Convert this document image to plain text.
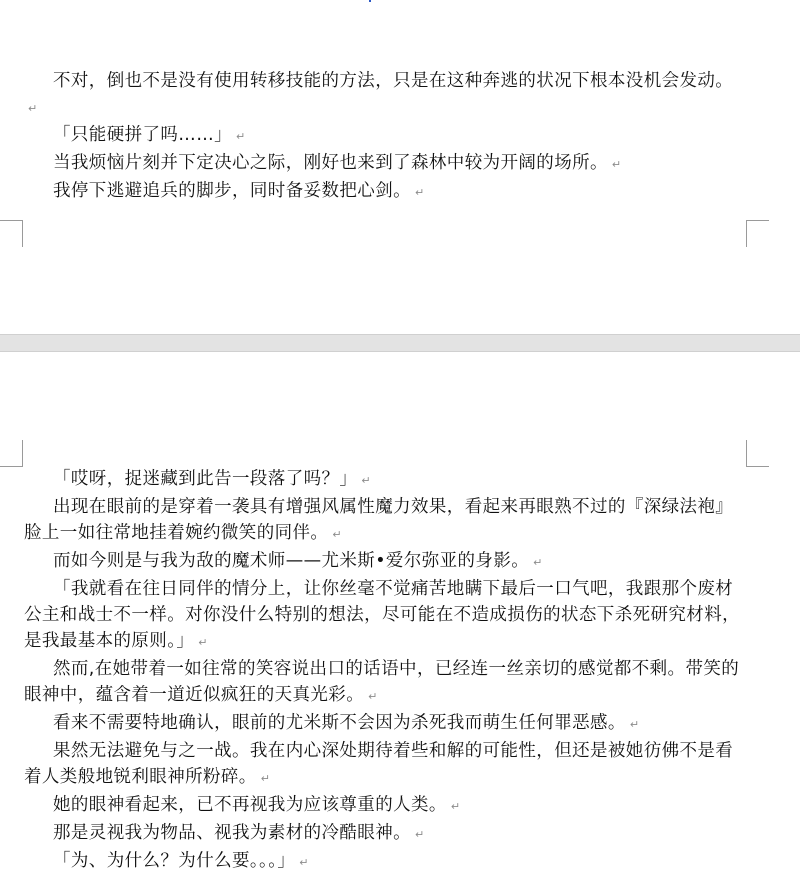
不对，倒也不是没有使用转移技能的方法，只是在这种奔逃的状况下根本没机会发动。↵

「只能硬拼了吗……」 ↵

当我烦恼片刻并下定决心之际，刚好也来到了森林中较为开阔的场所。 ↵

我停下逃避追兵的脚步，同时备妥数把心剑。 ↵

「哎呀，捉迷藏到此告一段落了吗？」 ↵

出现在眼前的是穿着一袭具有增强风属性魔力效果，看起来再眼熟不过的『深绿法袍』脸上一如往常地挂着婉约微笑的同伴。 ↵

而如今则是与我为敌的魔术师——尤米斯•爱尔弥亚的身影。 ↵

「我就看在往日同伴的情分上，让你丝毫不觉痛苦地瞒下最后一口气吧，我跟那个废材公主和战士不一样。对你没什么特别的想法，尽可能在不造成损伤的状态下杀死研究材料，是我最基本的原则。」 ↵

然而,在她带着一如往常的笑容说出口的话语中，已经连一丝亲切的感觉都不剩。带笑的眼神中，蕴含着一道近似疯狂的天真光彩。 ↵

看来不需要特地确认，眼前的尤米斯不会因为杀死我而萌生任何罪恶感。 ↵

果然无法避免与之一战。我在内心深处期待着些和解的可能性，但还是被她彷佛不是看着人类般地锐利眼神所粉碎。 ↵

她的眼神看起来，已不再视我为应该尊重的人类。 ↵

那是灵视我为物品、视我为素材的冷酷眼神。 ↵

「为、为什么？为什么要。。。」 ↵
